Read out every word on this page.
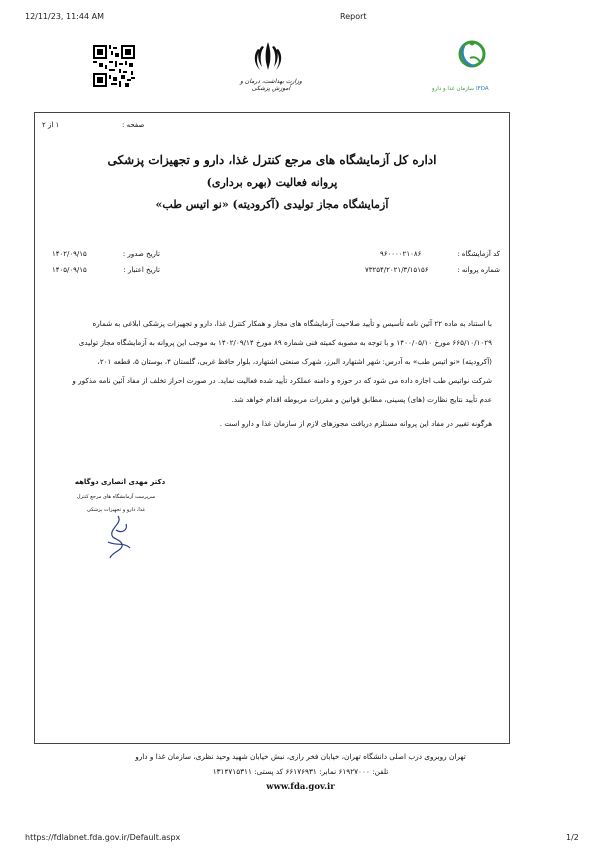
12/11/23, 11:44 AM	Report
وزارت بهداشت، درمان و آموزش پزشکی	سازمان غذا و دارو IFDA
صفحه :
۱ از ۲
اداره کل آزمایشگاه های مرجع کنترل غذا، دارو و تجهیزات پزشکی
پروانه فعالیت (بهره برداری)
آزمایشگاه مجاز تولیدی (آکرودیته) «نو اتیس طب»
کد آزمایشگاه :
۹۶۰۰۰۰۲۱۰۸۶
شماره پروانه :
۷۳۲۵۴/۲۰۲۱/۳/۱۵۱۵۶
تاریخ صدور :
۱۴۰۲/۰۹/۱۵
تاریخ اعتبار :
۱۴۰۵/۰۹/۱۵
با استناد به ماده ۲۲ آئین نامه تأسیس و تأیید صلاحیت آزمایشگاه های مجاز و همکار کنترل غذا، دارو و تجهیزات پزشکی ابلاغی به شماره
۶۶۵/۱۰/۱۰۲۹ مورخ ۱۴۰۰/۰۵/۱۰ و با توجه به مصوبه کمیته فنی شماره ۸۹ مورخ ۱۴۰۲/۰۹/۱۴ به موجب این پروانه به آزمایشگاه مجاز تولیدی
(آکرودیته) «نو اتیس طب» به آدرس: شهر اشتهارد البرز، شهرک صنعتی اشتهارد، بلوار حافظ غربی، گلستان ۴، بوستان ۵، قطعه ۲۰۱،
شرکت نواتیس طب اجازه داده می شود که در حوزه و دامنه عملکرد تأیید شده فعالیت نماید. در صورت احراز تخلف از مفاد آئین نامه مذکور و
عدم تأیید نتایج نظارت (های) پسینی، مطابق قوانین و مقررات مربوطه اقدام خواهد شد.
هرگونه تغییر در مفاد این پروانه مستلزم دریافت مجوزهای لازم از سازمان غذا و دارو است .
دکتر مهدی انصاری دوگاهه
سرپرست آزمایشگاه های مرجع کنترل
غذا، دارو و تجهیزات پزشکی
تهران روبروی درب اصلی دانشگاه تهران، خیابان فخر رازی، نبش خیابان شهید وحید نظری، سازمان غذا و دارو
تلفن: ۶۱۹۲۷۰۰۰ نمابر: ۶۶۱۷۶۹۳۱ کد پستی: ۱۳۱۴۷۱۵۳۱۱
www.fda.gov.ir
https://fdlabnet.fda.gov.ir/Default.aspx	1/2
